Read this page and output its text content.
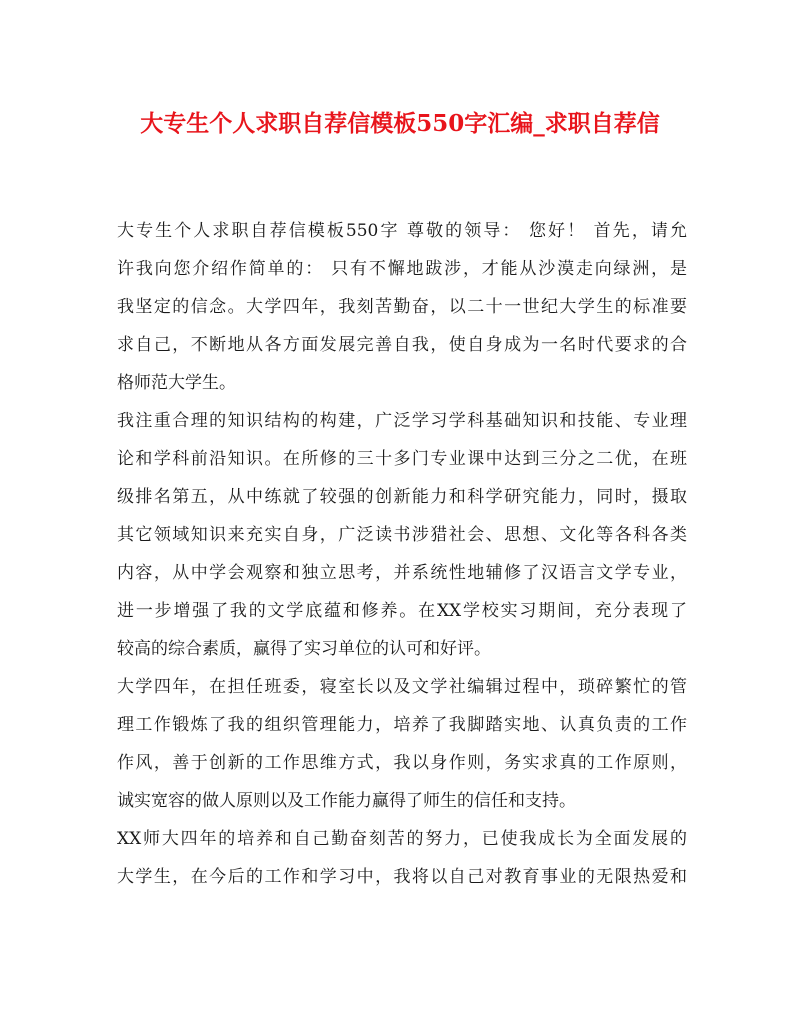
大专生个人求职自荐信模板550字汇编_求职自荐信
大专生个人求职自荐信模板550字 尊敬的领导： 您好！ 首先，请允
许我向您介绍作简单的： 只有不懈地跋涉，才能从沙漠走向绿洲，是
我坚定的信念。大学四年，我刻苦勤奋，以二十一世纪大学生的标准要
求自己，不断地从各方面发展完善自我，使自身成为一名时代要求的合
格师范大学生。
我注重合理的知识结构的构建，广泛学习学科基础知识和技能、专业理
论和学科前沿知识。在所修的三十多门专业课中达到三分之二优，在班
级排名第五，从中练就了较强的创新能力和科学研究能力，同时，摄取
其它领域知识来充实自身，广泛读书涉猎社会、思想、文化等各科各类
内容，从中学会观察和独立思考，并系统性地辅修了汉语言文学专业，
进一步增强了我的文学底蕴和修养。在XX学校实习期间，充分表现了
较高的综合素质，赢得了实习单位的认可和好评。
大学四年，在担任班委，寝室长以及文学社编辑过程中，琐碎繁忙的管
理工作锻炼了我的组织管理能力，培养了我脚踏实地、认真负责的工作
作风，善于创新的工作思维方式，我以身作则，务实求真的工作原则，
诚实宽容的做人原则以及工作能力赢得了师生的信任和支持。
XX师大四年的培养和自己勤奋刻苦的努力，已使我成长为全面发展的
大学生，在今后的工作和学习中，我将以自己对教育事业的无限热爱和
